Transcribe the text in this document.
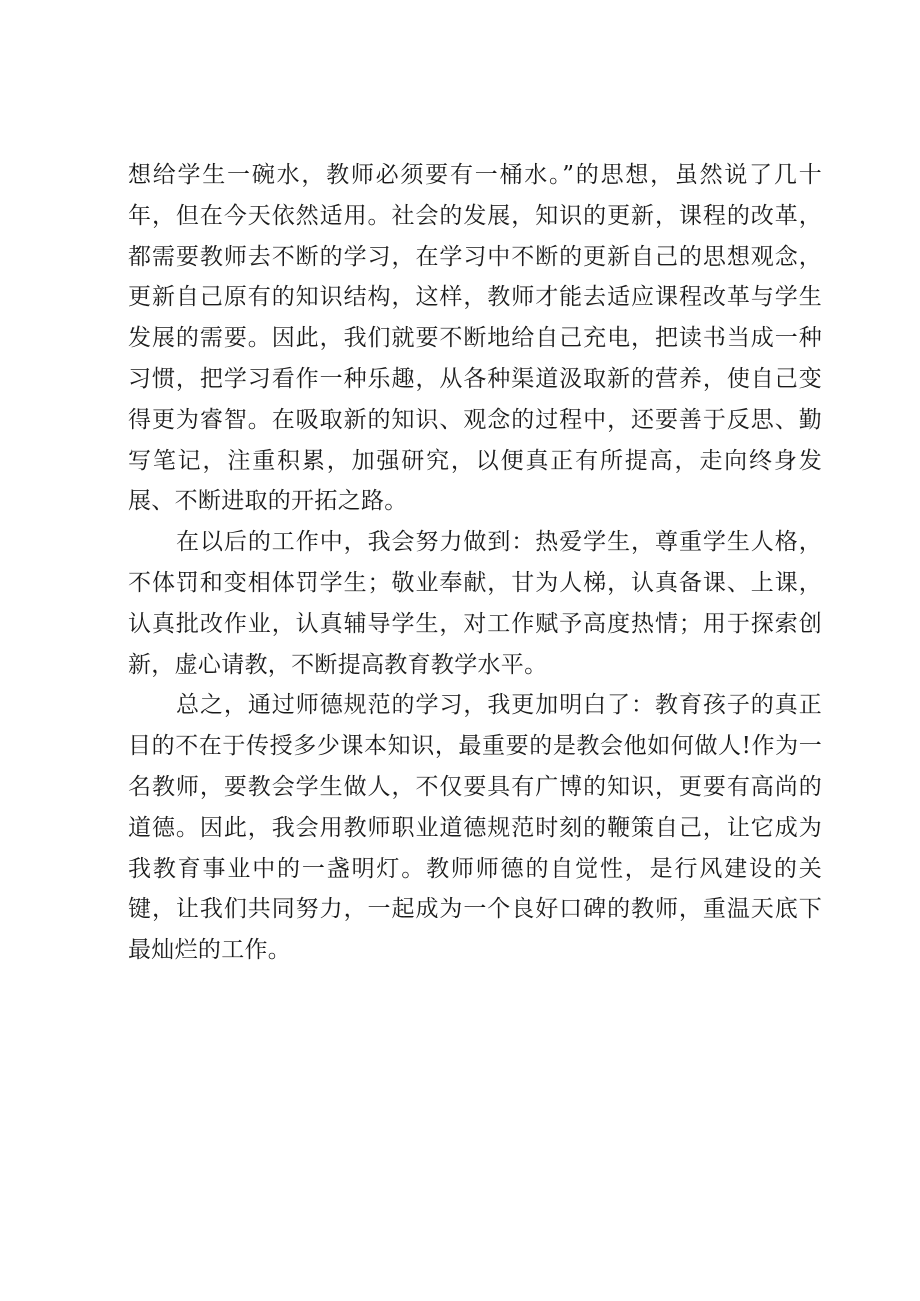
想给学生一碗水，教师必须要有一桶水。”的思想，虽然说了几十年，但在今天依然适用。社会的发展，知识的更新，课程的改革，都需要教师去不断的学习，在学习中不断的更新自己的思想观念，更新自己原有的知识结构，这样，教师才能去适应课程改革与学生发展的需要。因此，我们就要不断地给自己充电，把读书当成一种习惯，把学习看作一种乐趣，从各种渠道汲取新的营养，使自己变得更为睿智。在吸取新的知识、观念的过程中，还要善于反思、勤写笔记，注重积累，加强研究，以便真正有所提高，走向终身发展、不断进取的开拓之路。

在以后的工作中，我会努力做到：热爱学生，尊重学生人格，不体罚和变相体罚学生；敬业奉献，甘为人梯，认真备课、上课，认真批改作业，认真辅导学生，对工作赋予高度热情；用于探索创新，虚心请教，不断提高教育教学水平。

总之，通过师德规范的学习，我更加明白了：教育孩子的真正目的不在于传授多少课本知识，最重要的是教会他如何做人!作为一名教师，要教会学生做人，不仅要具有广博的知识，更要有高尚的道德。因此，我会用教师职业道德规范时刻的鞭策自己，让它成为我教育事业中的一盏明灯。教师师德的自觉性，是行风建设的关键，让我们共同努力，一起成为一个良好口碑的教师，重温天底下最灿烂的工作。
